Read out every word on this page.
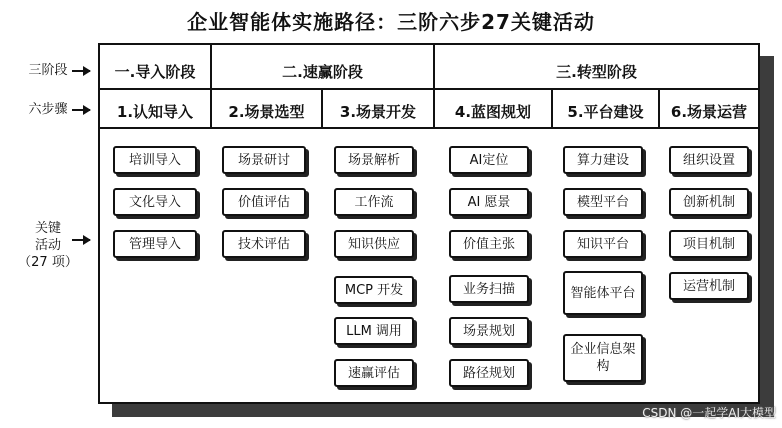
企业智能体实施路径：三阶六步27关键活动
三阶段
六步骤
关键
活动
（27 项）
一.导入阶段	二.速赢阶段	三.转型阶段
1.认知导入	2.场景选型	3.场景开发	4.蓝图规划	5.平台建设	6.场景运营
培训导入
文化导入
管理导入
场景研讨
价值评估
技术评估
场景解析
工作流
知识供应
MCP 开发
LLM 调用
速赢评估
AI定位
AI 愿景
价值主张
业务扫描
场景规划
路径规划
算力建设
模型平台
知识平台
智能体平台
企业信息架构
组织设置
创新机制
项目机制
运营机制
CSDN @一起学AI大模型
